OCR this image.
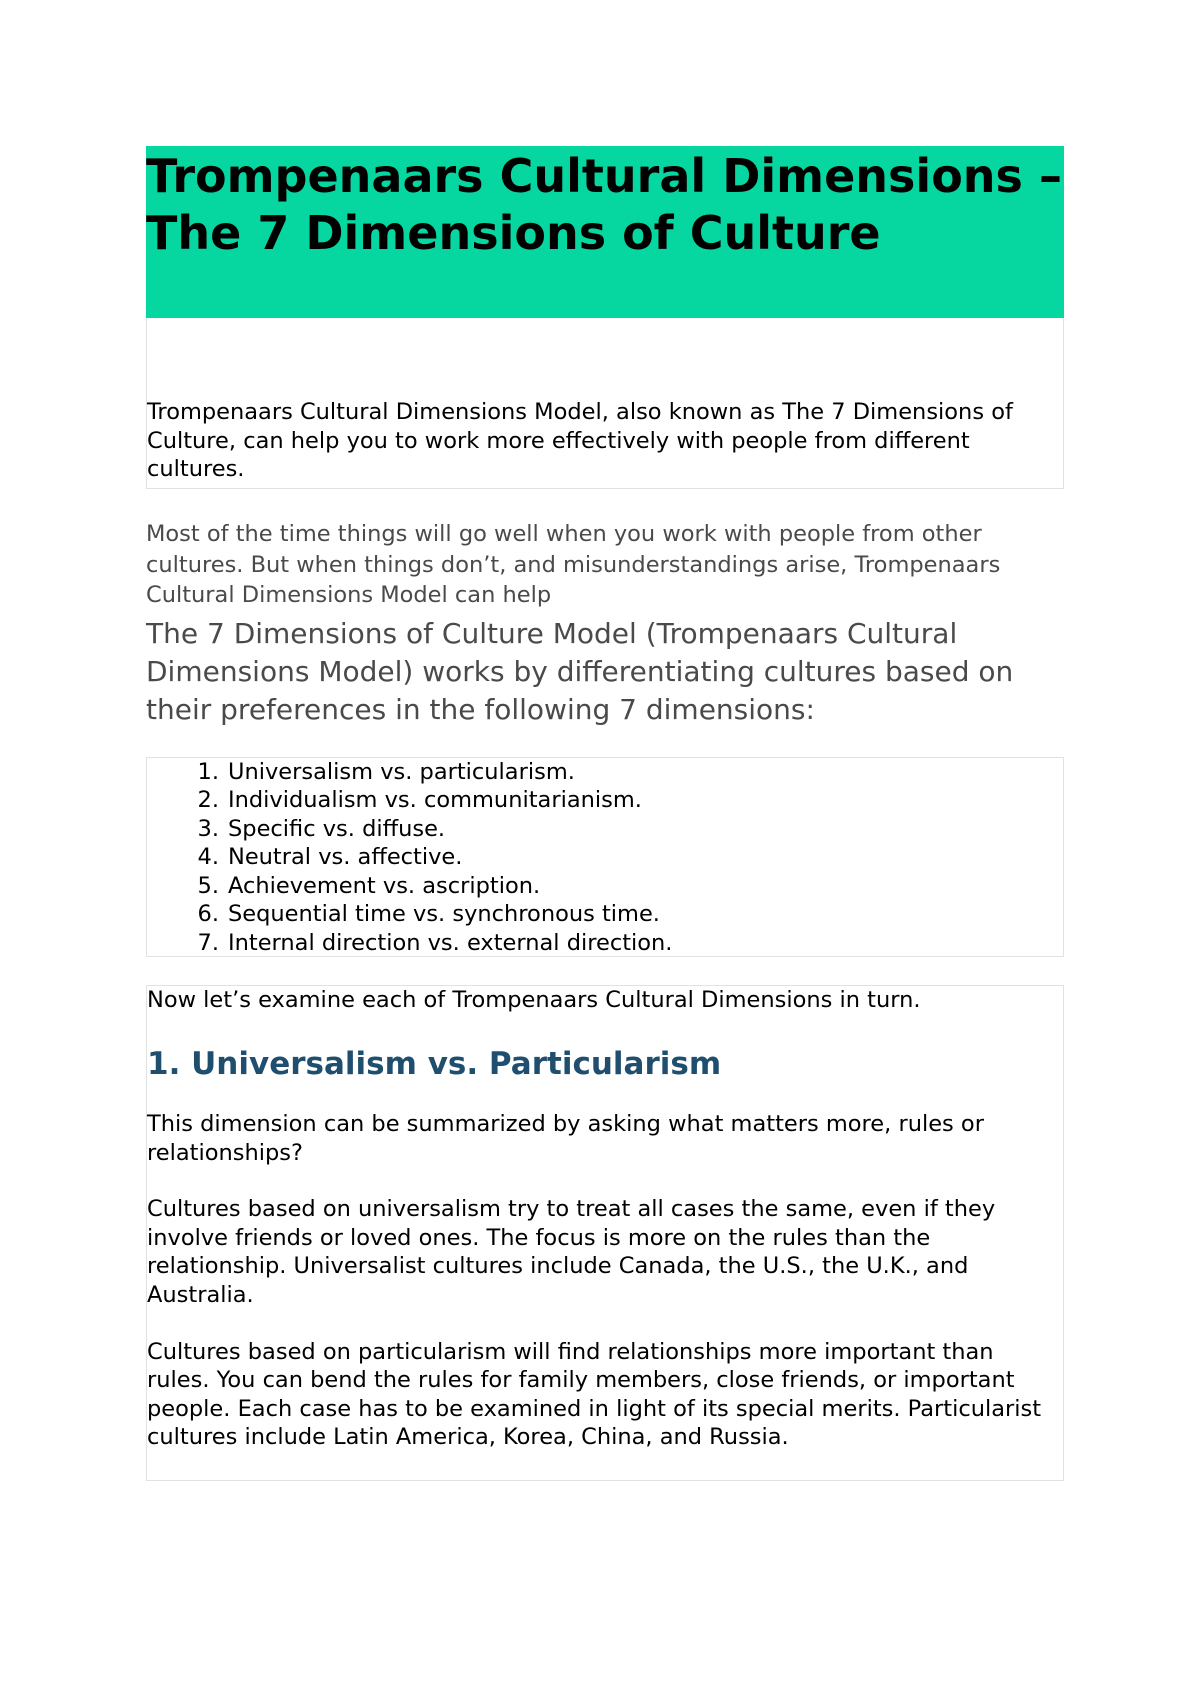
Trompenaars Cultural Dimensions – The 7 Dimensions of Culture

Trompenaars Cultural Dimensions Model, also known as The 7 Dimensions of Culture, can help you to work more effectively with people from different cultures.

Most of the time things will go well when you work with people from other cultures. But when things don’t, and misunderstandings arise, Trompenaars Cultural Dimensions Model can help

The 7 Dimensions of Culture Model (Trompenaars Cultural Dimensions Model) works by differentiating cultures based on their preferences in the following 7 dimensions:

1. Universalism vs. particularism.
2. Individualism vs. communitarianism.
3. Specific vs. diffuse.
4. Neutral vs. affective.
5. Achievement vs. ascription.
6. Sequential time vs. synchronous time.
7. Internal direction vs. external direction.

Now let’s examine each of Trompenaars Cultural Dimensions in turn.

1. Universalism vs. Particularism

This dimension can be summarized by asking what matters more, rules or relationships?

Cultures based on universalism try to treat all cases the same, even if they involve friends or loved ones. The focus is more on the rules than the relationship. Universalist cultures include Canada, the U.S., the U.K., and Australia.

Cultures based on particularism will find relationships more important than rules. You can bend the rules for family members, close friends, or important people. Each case has to be examined in light of its special merits. Particularist cultures include Latin America, Korea, China, and Russia.
